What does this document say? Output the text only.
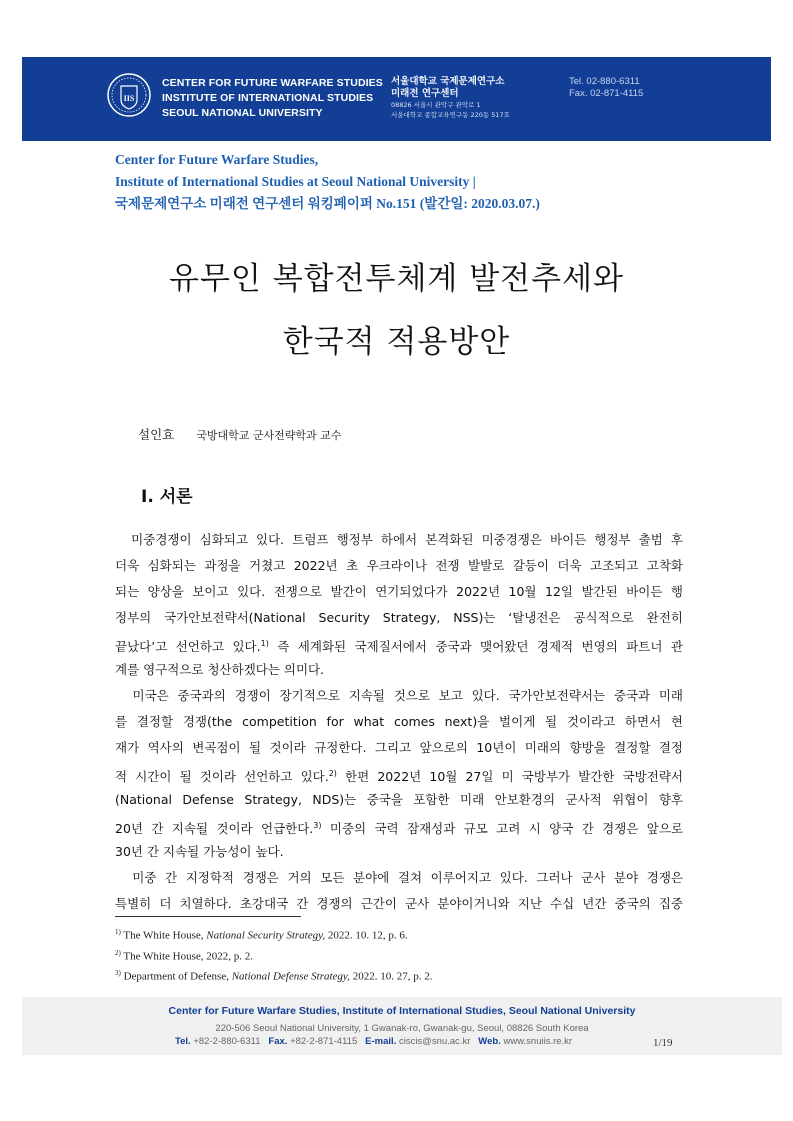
IIS
CENTER FOR FUTURE WARFARE STUDIES
INSTITUTE OF INTERNATIONAL STUDIES
SEOUL NATIONAL UNIVERSITY
서울대학교 국제문제연구소
미래전 연구센터
08826 서울시 관악구 관악로 1
서울대학교 종합교육연구동 220동 517호
Tel. 02-880-6311
Fax. 02-871-4115
Center for Future Warfare Studies,
Institute of International Studies at Seoul National University |
국제문제연구소 미래전 연구센터 워킹페이퍼 No.151 (발간일: 2020.03.07.)
유무인 복합전투체계 발전추세와
한국적 적용방안
설인효 국방대학교 군사전략학과 교수
Ⅰ. 서론
미중경쟁이 심화되고 있다. 트럼프 행정부 하에서 본격화된 미중경쟁은 바이든 행정부 출범 후
더욱 심화되는 과정을 거쳤고 2022년 초 우크라이나 전쟁 발발로 갈등이 더욱 고조되고 고착화
되는 양상을 보이고 있다. 전쟁으로 발간이 연기되었다가 2022년 10월 12일 발간된 바이든 행
정부의 국가안보전략서(National Security Strategy, NSS)는 ‘탈냉전은 공식적으로 완전히
끝났다’고 선언하고 있다.$^{1)}$ 즉 세계화된 국제질서에서 중국과 맺어왔던 경제적 번영의 파트너 관
계를 영구적으로 청산하겠다는 의미다.
미국은 중국과의 경쟁이 장기적으로 지속될 것으로 보고 있다. 국가안보전략서는 중국과 미래
를 결정할 경쟁(the competition for what comes next)을 벌이게 될 것이라고 하면서 현
재가 역사의 변곡점이 될 것이라 규정한다. 그리고 앞으로의 10년이 미래의 향방을 결정할 결정
적 시간이 될 것이라 선언하고 있다.$^{2)}$ 한편 2022년 10월 27일 미 국방부가 발간한 국방전략서
(National Defense Strategy, NDS)는 중국을 포함한 미래 안보환경의 군사적 위협이 향후
20년 간 지속될 것이라 언급한다.$^{3)}$ 미중의 국력 잠재성과 규모 고려 시 양국 간 경쟁은 앞으로
30년 간 지속될 가능성이 높다.
미중 간 지정학적 경쟁은 거의 모든 분야에 걸쳐 이루어지고 있다. 그러나 군사 분야 경쟁은
특별히 더 치열하다. 초강대국 간 경쟁의 근간이 군사 분야이거니와 지난 수십 년간 중국의 집중
$^{1)}$ The White House, National Security Strategy, 2022. 10. 12, p. 6.
$^{2)}$ The White House, 2022, p. 2.
$^{3)}$ Department of Defense, National Defense Strategy, 2022. 10. 27, p. 2.
Center for Future Warfare Studies, Institute of International Studies, Seoul National University
220-506 Seoul National University, 1 Gwanak-ro, Gwanak-gu, Seoul, 08826 South Korea
Tel. +82-2-880-6311 Fax. +82-2-871-4115 E-mail. ciscis@snu.ac.kr Web. www.snuiis.re.kr	1/19
